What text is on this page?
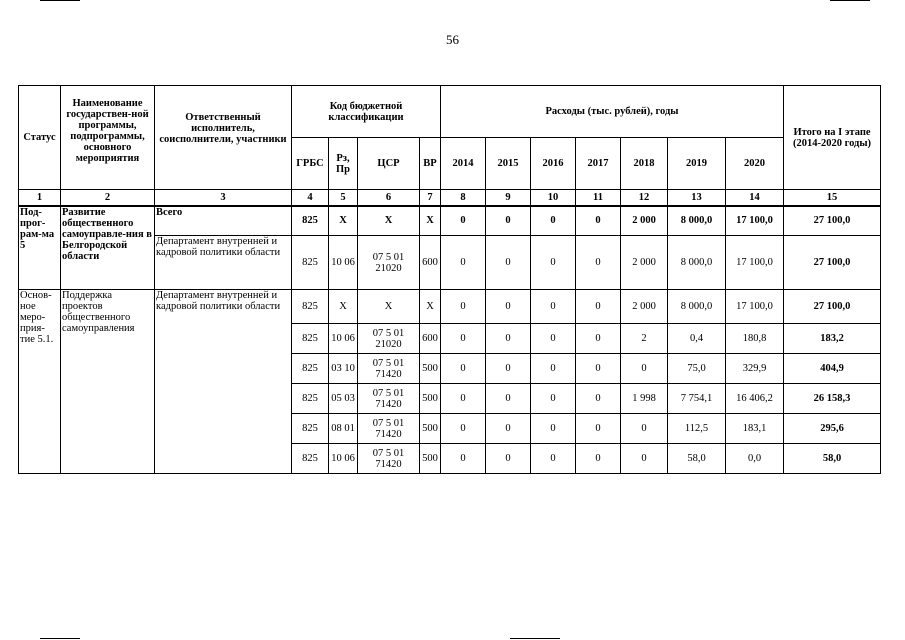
56
Статус	Наименование государствен-ной программы, подпрограммы, основного мероприятия	Ответственный исполнитель, соисполнители, участники	Код бюджетной классификации				Расходы (тыс. рублей), годы							Итого на I этапе (2014-2020 годы)
			ГРБС	Рз, Пр	ЦСР	ВР	2014	2015	2016	2017	2018	2019	2020	
1	2	3	4	5	6	7	8	9	10	11	12	13	14	15
Под-прог-рам-ма 5	Развитие общественного самоуправле-ния в Белгородской области	Всего	825	Х	Х	Х	0	0	0	0	2 000	8 000,0	17 100,0	27 100,0
		Департамент внутренней и кадровой политики области	825	10 06	07 5 01 21020	600	0	0	0	0	2 000	8 000,0	17 100,0	27 100,0
Основ-ное меро-прия-тие 5.1.	Поддержка проектов общественного самоуправления	Департамент внутренней и кадровой политики области	825	Х	Х	Х	0	0	0	0	2 000	8 000,0	17 100,0	27 100,0
			825	10 06	07 5 01 21020	600	0	0	0	0	2	0,4	180,8	183,2
			825	03 10	07 5 01 71420	500	0	0	0	0	0	75,0	329,9	404,9
			825	05 03	07 5 01 71420	500	0	0	0	0	1 998	7 754,1	16 406,2	26 158,3
			825	08 01	07 5 01 71420	500	0	0	0	0	0	112,5	183,1	295,6
			825	10 06	07 5 01 71420	500	0	0	0	0	0	58,0	0,0	58,0
